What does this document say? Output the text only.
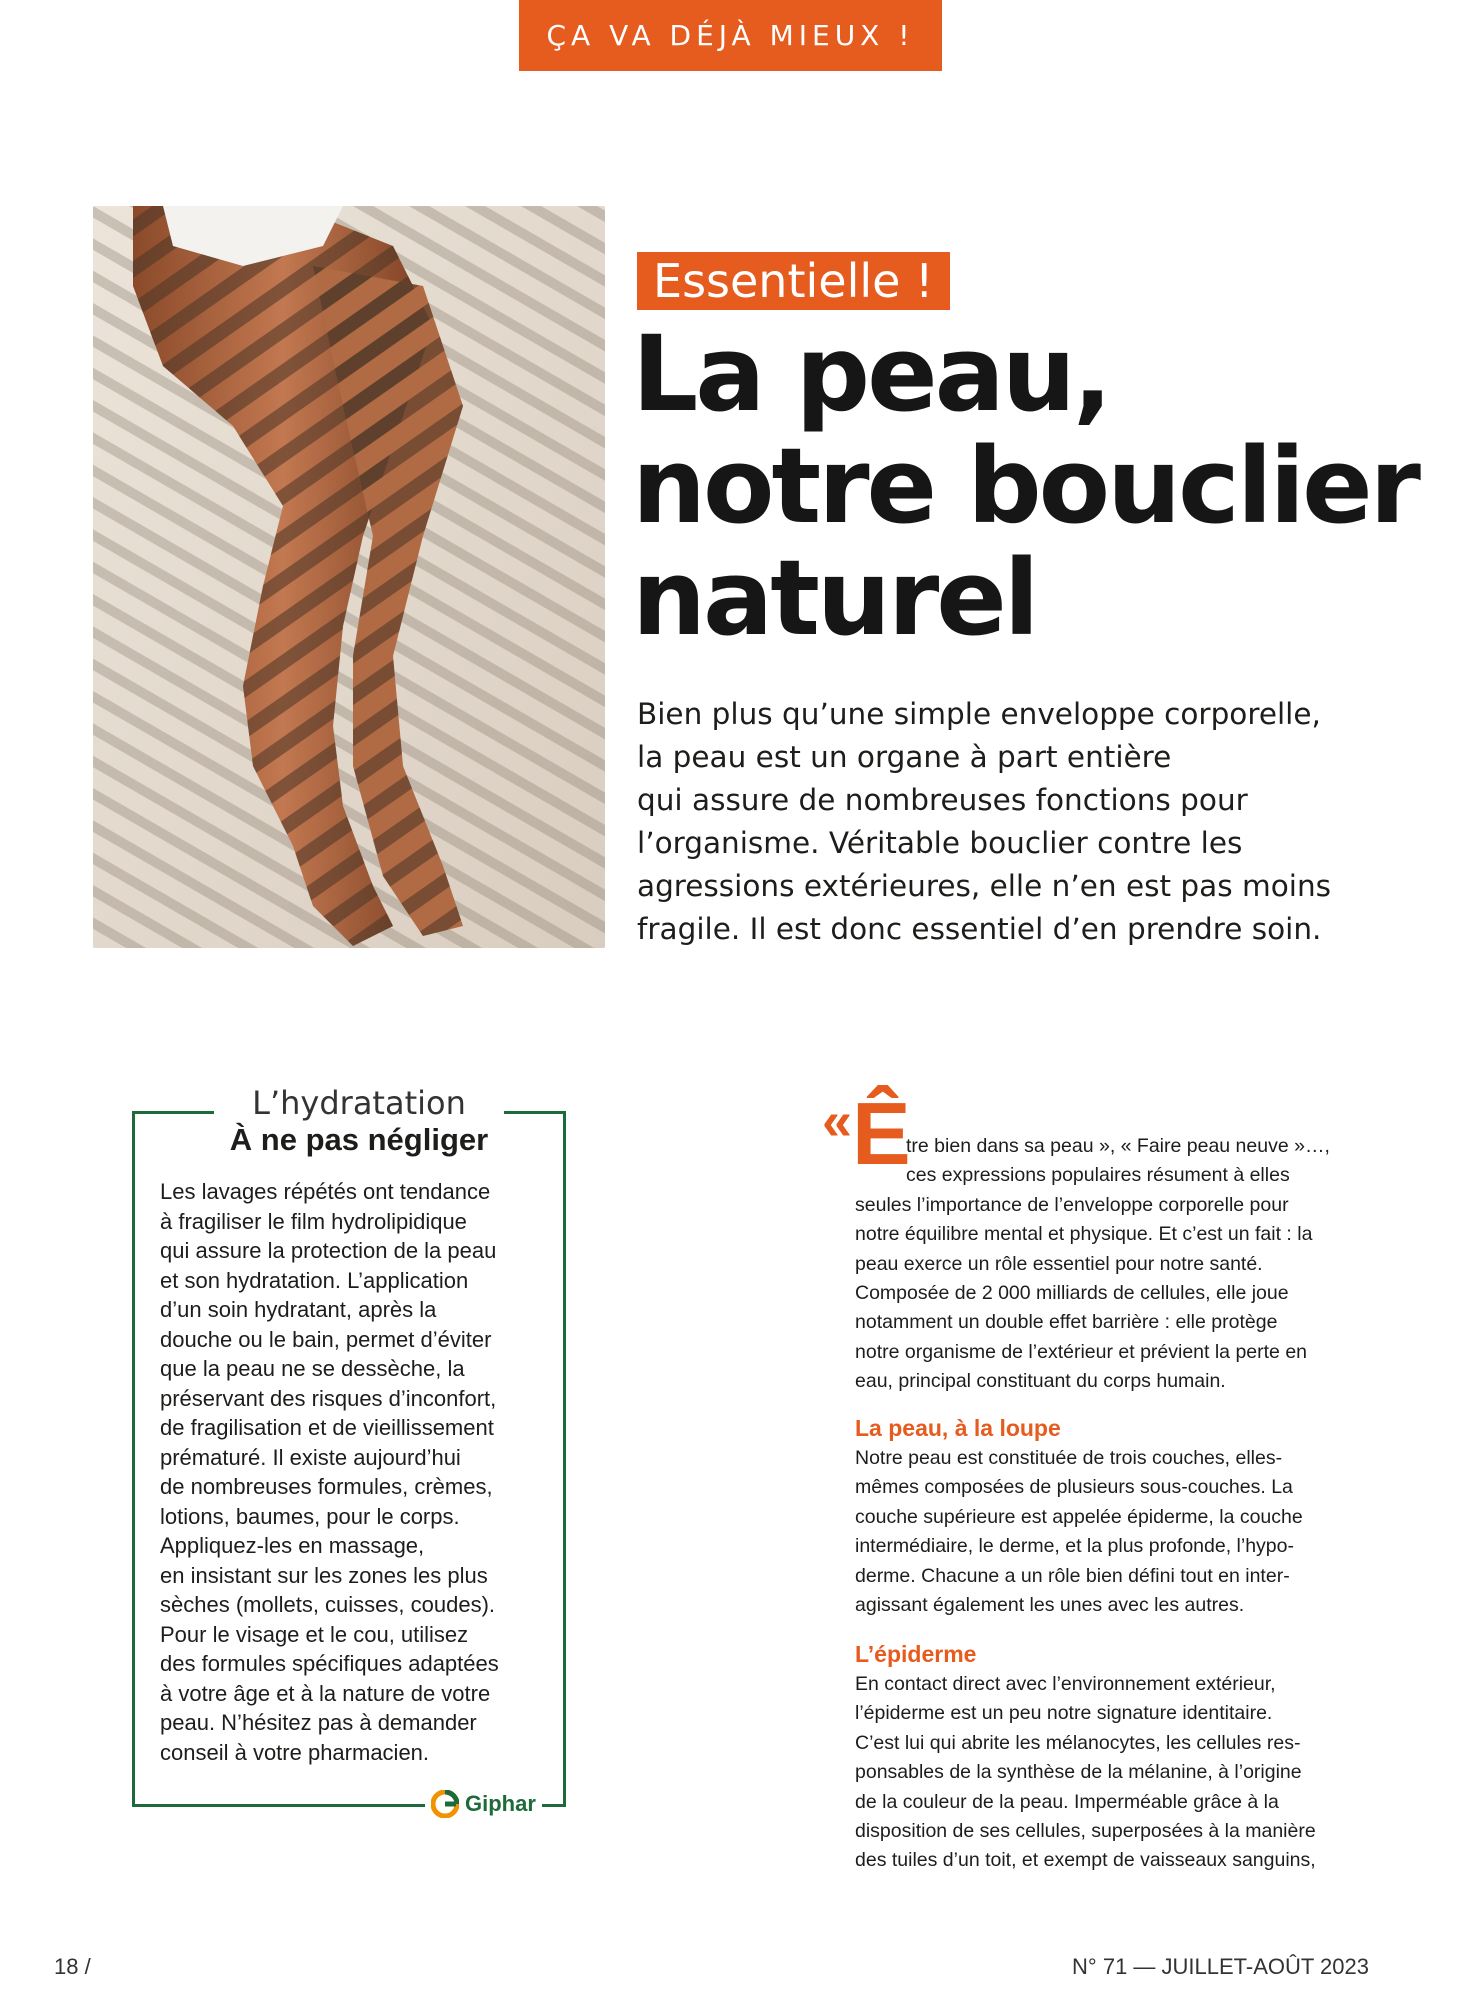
ÇA VA DÉJÀ MIEUX !
Essentielle !
La peau,
notre bouclier
naturel

Bien plus qu’une simple enveloppe corporelle,
la peau est un organe à part entière
qui assure de nombreuses fonctions pour
l’organisme. Véritable bouclier contre les
agressions extérieures, elle n’en est pas moins
fragile. Il est donc essentiel d’en prendre soin.

L’hydratation
À ne pas négliger

Les lavages répétés ont tendance
à fragiliser le film hydrolipidique
qui assure la protection de la peau
et son hydratation. L’application
d’un soin hydratant, après la
douche ou le bain, permet d’éviter
que la peau ne se dessèche, la
préservant des risques d’inconfort,
de fragilisation et de vieillissement
prématuré. Il existe aujourd’hui
de nombreuses formules, crèmes,
lotions, baumes, pour le corps.
Appliquez-les en massage,
en insistant sur les zones les plus
sèches (mollets, cuisses, coudes).
Pour le visage et le cou, utilisez
des formules spécifiques adaptées
à votre âge et à la nature de votre
peau. N’hésitez pas à demander
conseil à votre pharmacien.

Giphar
«Ê
tre bien dans sa peau », « Faire peau neuve »…,
ces expressions populaires résument à elles
seules l’importance de l’enveloppe corporelle pour
notre équilibre mental et physique. Et c’est un fait : la
peau exerce un rôle essentiel pour notre santé.
Composée de 2 000 milliards de cellules, elle joue
notamment un double effet barrière : elle protège
notre organisme de l’extérieur et prévient la perte en
eau, principal constituant du corps humain.
La peau, à la loupe
Notre peau est constituée de trois couches, elles-
mêmes composées de plusieurs sous-couches. La
couche supérieure est appelée épiderme, la couche
intermédiaire, le derme, et la plus profonde, l’hypo-
derme. Chacune a un rôle bien défini tout en inter-
agissant également les unes avec les autres.
L’épiderme
En contact direct avec l’environnement extérieur,
l’épiderme est un peu notre signature identitaire.
C’est lui qui abrite les mélanocytes, les cellules res-
ponsables de la synthèse de la mélanine, à l’origine
de la couleur de la peau. Imperméable grâce à la
disposition de ses cellules, superposées à la manière
des tuiles d’un toit, et exempt de vaisseaux sanguins,
18 /	N° 71 — JUILLET-AOÛT 2023
